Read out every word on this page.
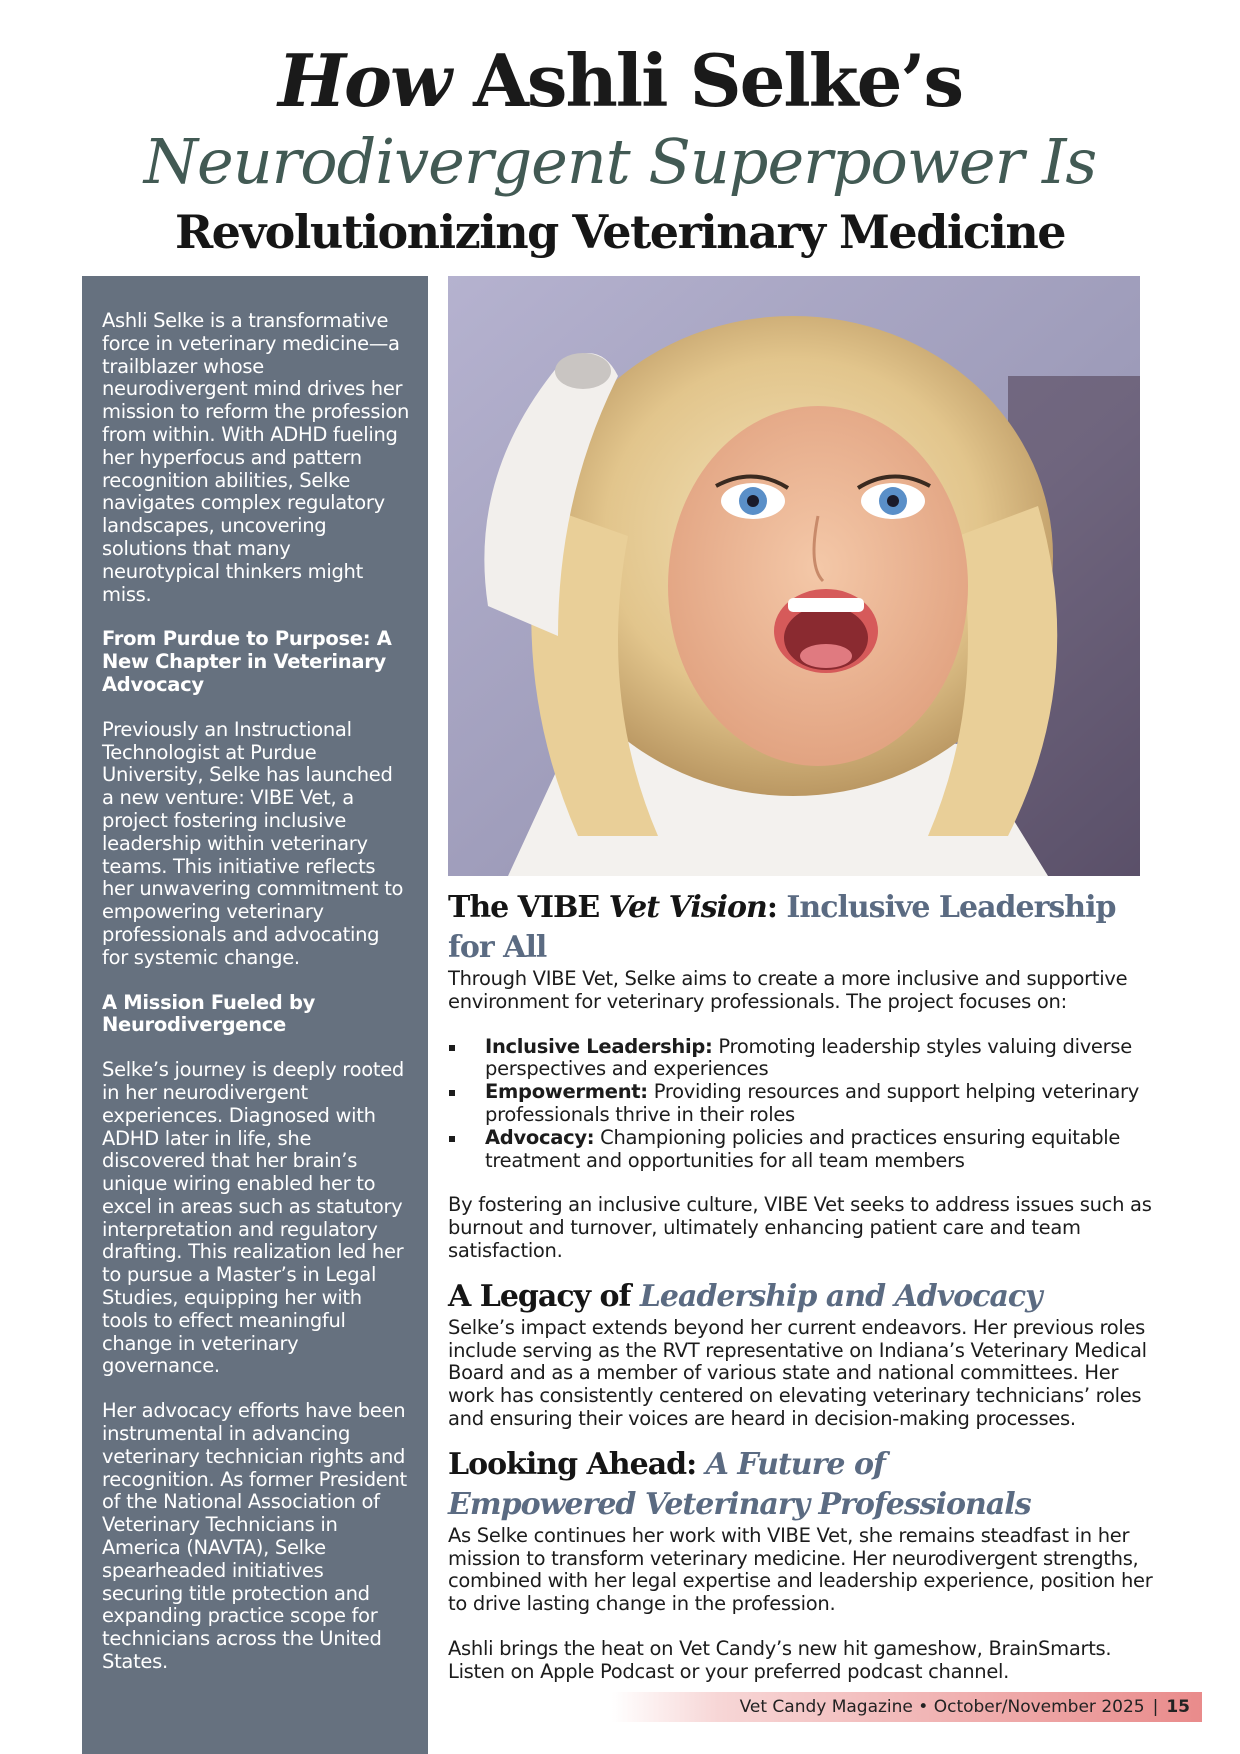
How Ashli Selke’s
Neurodivergent Superpower Is
Revolutionizing Veterinary Medicine

Ashli Selke is a transformative force in veterinary medicine—a trailblazer whose neurodivergent mind drives her mission to reform the profession from within. With ADHD fueling her hyperfocus and pattern recognition abilities, Selke navigates complex regulatory landscapes, uncovering solutions that many neurotypical thinkers might miss.

From Purdue to Purpose: A New Chapter in Veterinary Advocacy

Previously an Instructional Technologist at Purdue University, Selke has launched a new venture: VIBE Vet, a project fostering inclusive leadership within veterinary teams. This initiative reflects her unwavering commitment to empowering veterinary professionals and advocating for systemic change.

A Mission Fueled by Neurodivergence

Selke’s journey is deeply rooted in her neurodivergent experiences. Diagnosed with ADHD later in life, she discovered that her brain’s unique wiring enabled her to excel in areas such as statutory interpretation and regulatory drafting. This realization led her to pursue a Master’s in Legal Studies, equipping her with tools to effect meaningful change in veterinary governance.

Her advocacy efforts have been instrumental in advancing veterinary technician rights and recognition. As former President of the National Association of Veterinary Technicians in America (NAVTA), Selke spearheaded initiatives securing title protection and expanding practice scope for technicians across the United States.

The VIBE Vet Vision: Inclusive Leadership for All

Through VIBE Vet, Selke aims to create a more inclusive and supportive environment for veterinary professionals. The project focuses on:

Inclusive Leadership: Promoting leadership styles valuing diverse perspectives and experiences
Empowerment: Providing resources and support helping veterinary professionals thrive in their roles
Advocacy: Championing policies and practices ensuring equitable treatment and opportunities for all team members

By fostering an inclusive culture, VIBE Vet seeks to address issues such as burnout and turnover, ultimately enhancing patient care and team satisfaction.

A Legacy of Leadership and Advocacy

Selke’s impact extends beyond her current endeavors. Her previous roles include serving as the RVT representative on Indiana’s Veterinary Medical Board and as a member of various state and national committees. Her work has consistently centered on elevating veterinary technicians’ roles and ensuring their voices are heard in decision-making processes.

Looking Ahead: A Future of Empowered Veterinary Professionals

As Selke continues her work with VIBE Vet, she remains steadfast in her mission to transform veterinary medicine. Her neurodivergent strengths, combined with her legal expertise and leadership experience, position her to drive lasting change in the profession.

Ashli brings the heat on Vet Candy’s new hit gameshow, BrainSmarts. Listen on Apple Podcast or your preferred podcast channel.

Vet Candy Magazine • October/November 2025 | 15
